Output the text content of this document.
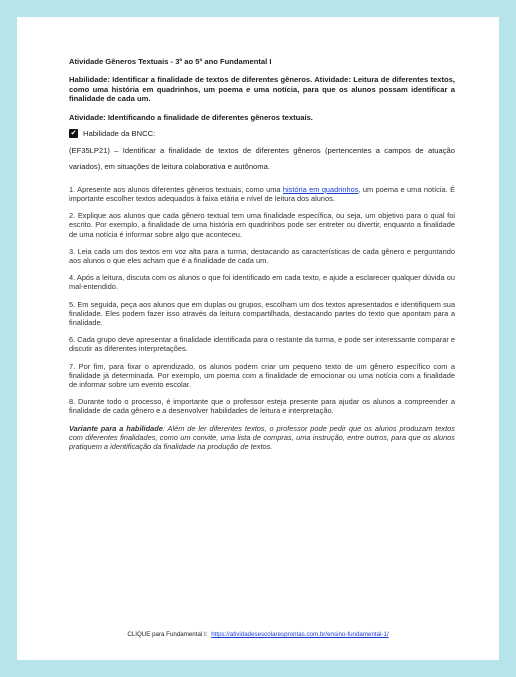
Atividade Gêneros Textuais - 3º ao 5º ano Fundamental I

Habilidade: Identificar a finalidade de textos de diferentes gêneros. Atividade: Leitura de diferentes textos, como uma história em quadrinhos, um poema e uma notícia, para que os alunos possam identificar a finalidade de cada um.

Atividade: Identificando a finalidade de diferentes gêneros textuais.

✔ Habilidade da BNCC:

(EF35LP21) – Identificar a finalidade de textos de diferentes gêneros (pertencentes a campos de atuação variados), em situações de leitura colaborativa e autônoma.

1. Apresente aos alunos diferentes gêneros textuais, como uma história em quadrinhos, um poema e uma notícia. É importante escolher textos adequados à faixa etária e nível de leitura dos alunos.

2. Explique aos alunos que cada gênero textual tem uma finalidade específica, ou seja, um objetivo para o qual foi escrito. Por exemplo, a finalidade de uma história em quadrinhos pode ser entreter ou divertir, enquanto a finalidade de uma notícia é informar sobre algo que aconteceu.

3. Leia cada um dos textos em voz alta para a turma, destacando as características de cada gênero e perguntando aos alunos o que eles acham que é a finalidade de cada um.

4. Após a leitura, discuta com os alunos o que foi identificado em cada texto, e ajude a esclarecer qualquer dúvida ou mal-entendido.

5. Em seguida, peça aos alunos que em duplas ou grupos, escolham um dos textos apresentados e identifiquem sua finalidade. Eles podem fazer isso através da leitura compartilhada, destacando partes do texto que apontam para a finalidade.

6. Cada grupo deve apresentar a finalidade identificada para o restante da turma, e pode ser interessante comparar e discutir as diferentes interpretações.

7. Por fim, para fixar o aprendizado, os alunos podem criar um pequeno texto de um gênero específico com a finalidade já determinada. Por exemplo, um poema com a finalidade de emocionar ou uma notícia com a finalidade de informar sobre um evento escolar.

8. Durante todo o processo, é importante que o professor esteja presente para ajudar os alunos a compreender a finalidade de cada gênero e a desenvolver habilidades de leitura e interpretação.

Variante para a habilidade: Além de ler diferentes textos, o professor pode pedir que os alunos produzam textos com diferentes finalidades, como um convite, uma lista de compras, uma instrução, entre outros, para que os alunos pratiquem a identificação da finalidade na produção de textos.

CLIQUE para Fundamental I: https://atividadesescolaresprontas.com.br/ensino-fundamental-1/
